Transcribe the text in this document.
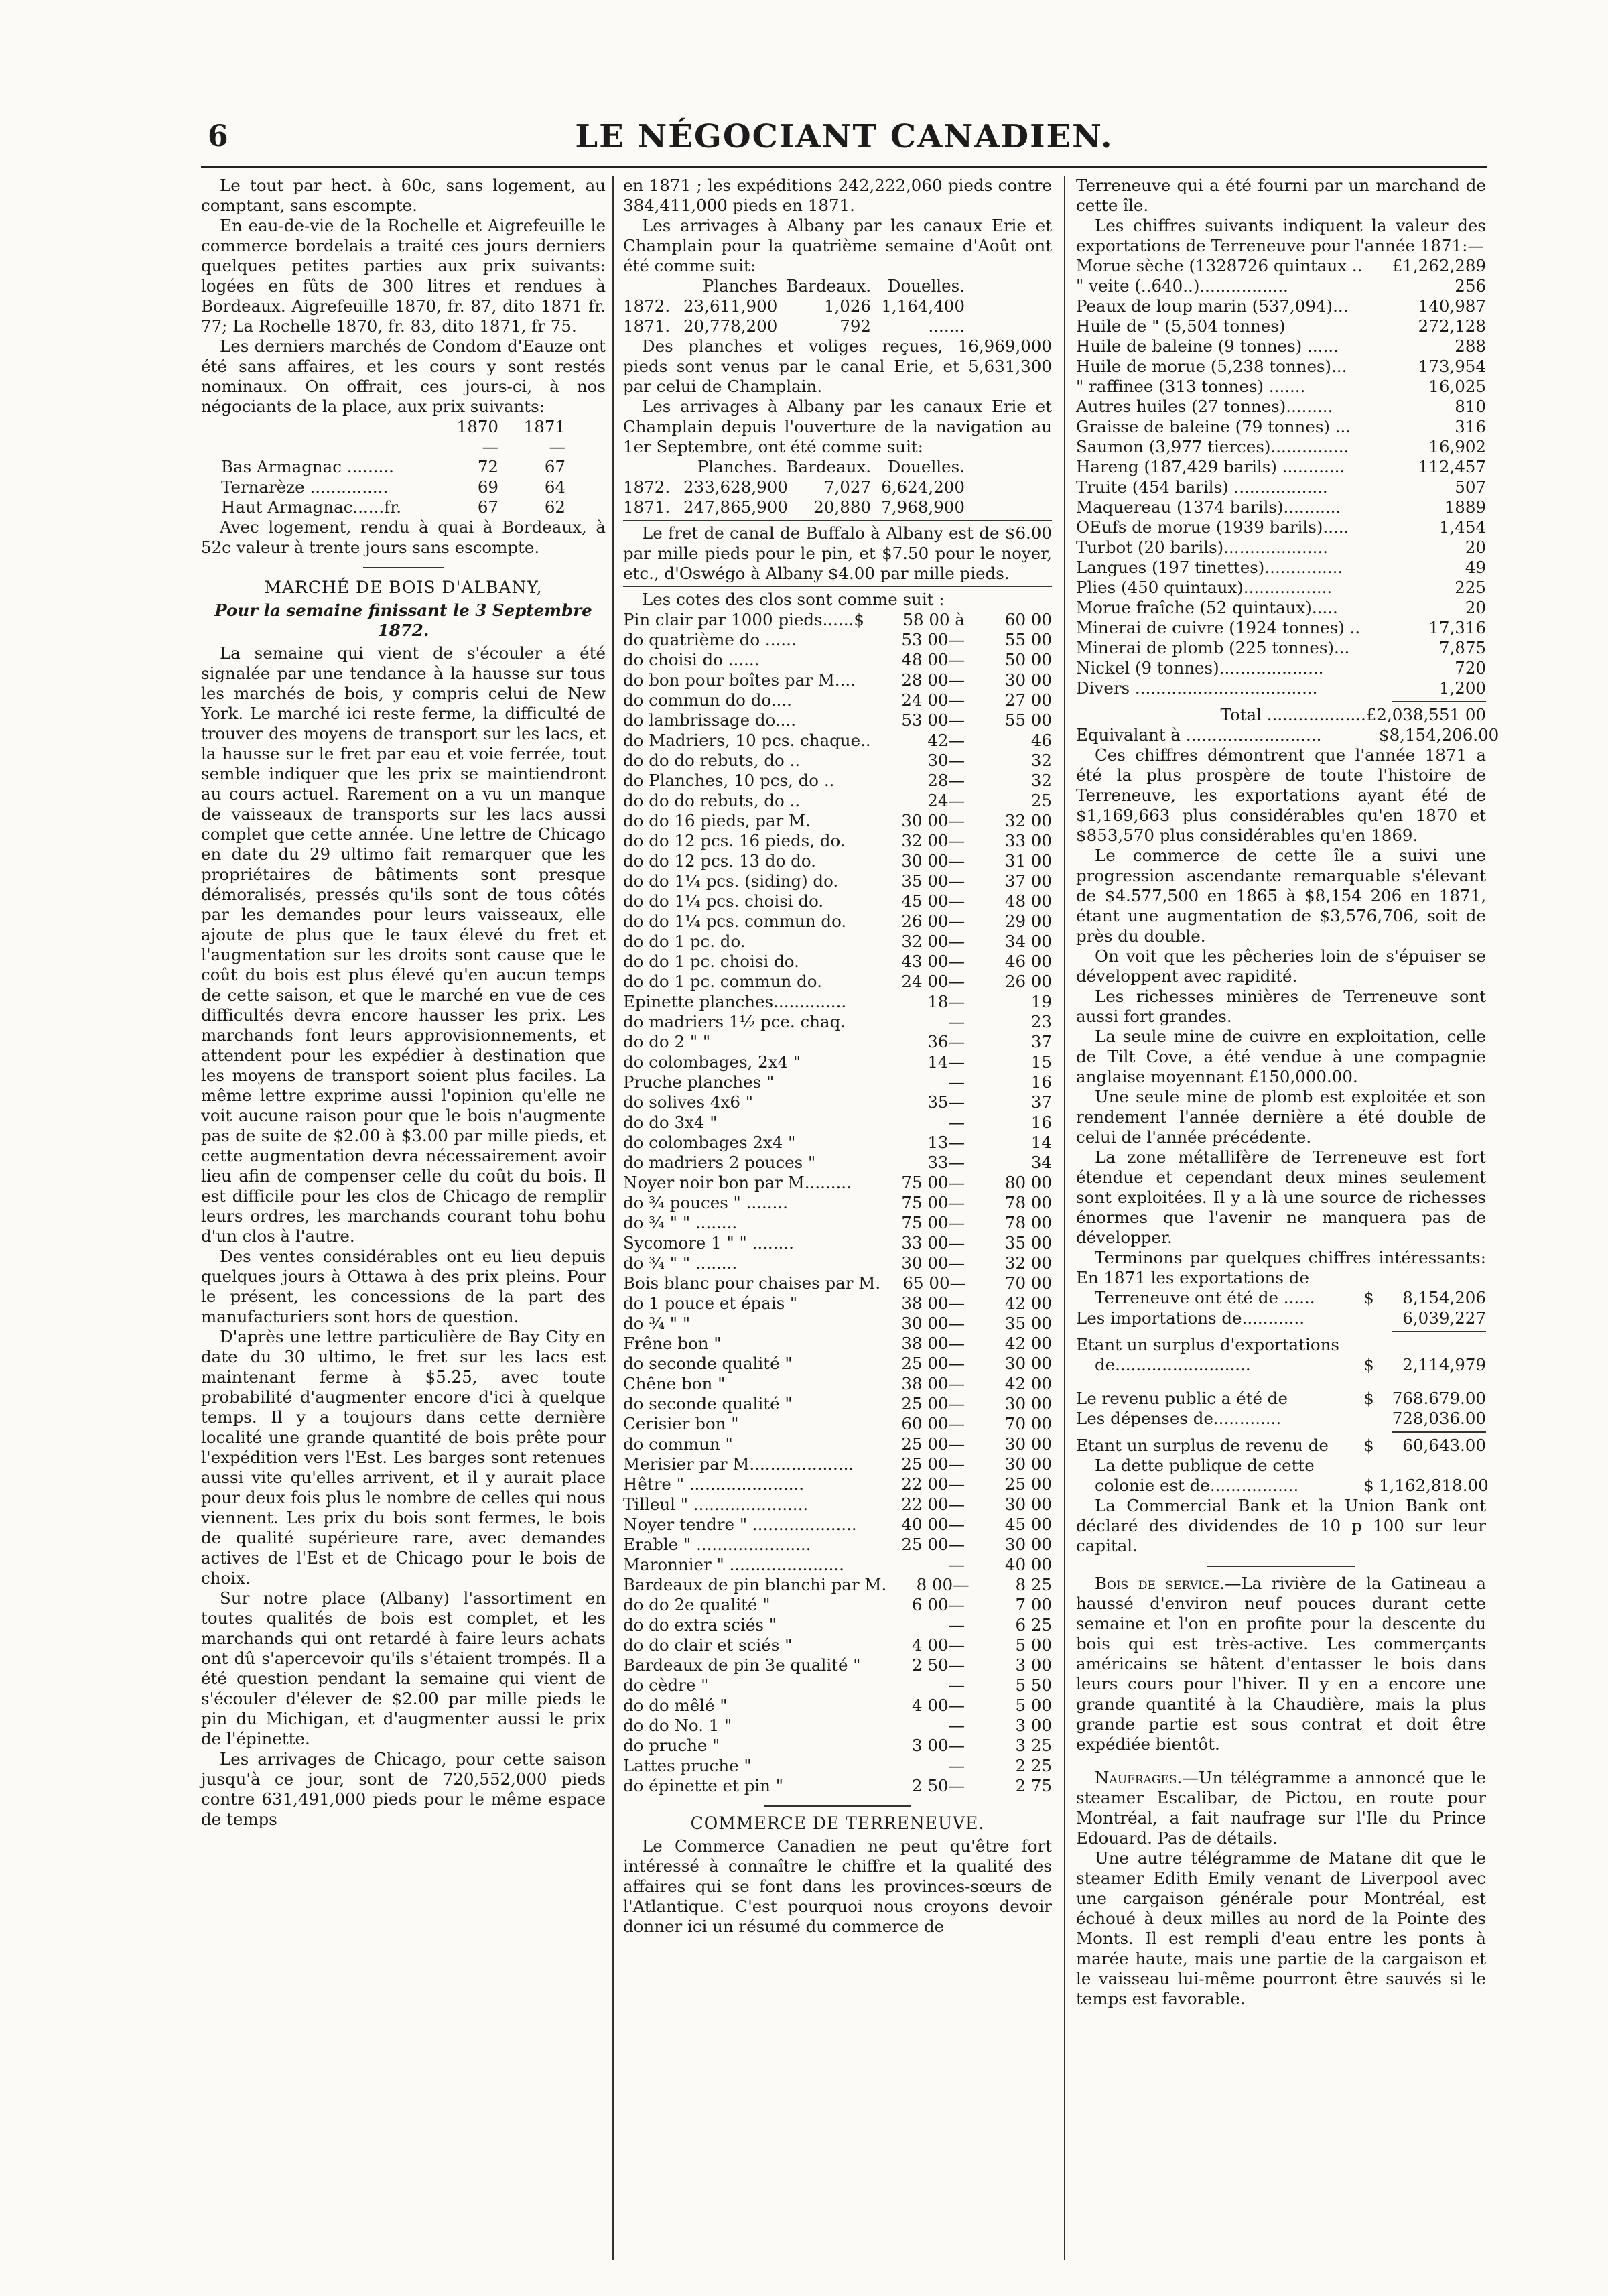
6	LE NÉGOCIANT CANADIEN.

Le tout par hect. à 60c, sans logement, au comptant, sans escompte.

En eau-de-vie de la Rochelle et Aigrefeuille le commerce bordelais a traité ces jours derniers quelques petites parties aux prix suivants: logées en fûts de 300 litres et rendues à Bordeaux. Aigrefeuille 1870, fr. 87, dito 1871 fr. 77; La Rochelle 1870, fr. 83, dito 1871, fr 75.

Les derniers marchés de Condom d'Eauze ont été sans affaires, et les cours y sont restés nominaux. On offrait, ces jours-ci, à nos négociants de la place, aux prix suivants:

1870	1871
—	—
Bas Armagnac .........	72	67
Ternarèze ...............	69	64
Haut Armagnac......fr.	67	62

Avec logement, rendu à quai à Bordeaux, à 52c valeur à trente jours sans escompte.

MARCHÉ DE BOIS D'ALBANY,
Pour la semaine finissant le 3 Septembre 1872.

La semaine qui vient de s'écouler a été signalée par une tendance à la hausse sur tous les marchés de bois, y compris celui de New York. Le marché ici reste ferme, la difficulté de trouver des moyens de transport sur les lacs, et la hausse sur le fret par eau et voie ferrée, tout semble indiquer que les prix se maintiendront au cours actuel. Rarement on a vu un manque de vaisseaux de transports sur les lacs aussi complet que cette année. Une lettre de Chicago en date du 29 ultimo fait remarquer que les propriétaires de bâtiments sont presque démoralisés, pressés qu'ils sont de tous côtés par les demandes pour leurs vaisseaux, elle ajoute de plus que le taux élevé du fret et l'augmentation sur les droits sont cause que le coût du bois est plus élevé qu'en aucun temps de cette saison, et que le marché en vue de ces difficultés devra encore hausser les prix. Les marchands font leurs approvisionnements, et attendent pour les expédier à destination que les moyens de transport soient plus faciles. La même lettre exprime aussi l'opinion qu'elle ne voit aucune raison pour que le bois n'augmente pas de suite de $2.00 à $3.00 par mille pieds, et cette augmentation devra nécessairement avoir lieu afin de compenser celle du coût du bois. Il est difficile pour les clos de Chicago de remplir leurs ordres, les marchands courant tohu bohu d'un clos à l'autre.

Des ventes considérables ont eu lieu depuis quelques jours à Ottawa à des prix pleins. Pour le présent, les concessions de la part des manufacturiers sont hors de question.

D'après une lettre particulière de Bay City en date du 30 ultimo, le fret sur les lacs est maintenant ferme à $5.25, avec toute probabilité d'augmenter encore d'ici à quelque temps. Il y a toujours dans cette dernière localité une grande quantité de bois prête pour l'expédition vers l'Est. Les barges sont retenues aussi vite qu'elles arrivent, et il y aurait place pour deux fois plus le nombre de celles qui nous viennent. Les prix du bois sont fermes, le bois de qualité supérieure rare, avec demandes actives de l'Est et de Chicago pour le bois de choix.

Sur notre place (Albany) l'assortiment en toutes qualités de bois est complet, et les marchands qui ont retardé à faire leurs achats ont dû s'apercevoir qu'ils s'étaient trompés. Il a été question pendant la semaine qui vient de s'écouler d'élever de $2.00 par mille pieds le pin du Michigan, et d'augmenter aussi le prix de l'épinette.

Les arrivages de Chicago, pour cette saison jusqu'à ce jour, sont de 720,552,000 pieds contre 631,491,000 pieds pour le même espace de temps

en 1871 ; les expéditions 242,222,060 pieds contre 384,411,000 pieds en 1871.

Les arrivages à Albany par les canaux Erie et Champlain pour la quatrième semaine d'Août ont été comme suit:

Planches Bardeaux.	Douelles.
1872. 23,611,900	1,026 1,164,400
1871. 20,778,200	792	.......

Des planches et voliges reçues, 16,969,000 pieds sont venus par le canal Erie, et 5,631,300 par celui de Champlain.

Les arrivages à Albany par les canaux Erie et Champlain depuis l'ouverture de la navigation au 1er Septembre, ont été comme suit:

Planches. Bardeaux.	Douelles.
1872. 233,628,900	7,027 6,624,200
1871. 247,865,900	20,880 7,968,900

Le fret de canal de Buffalo à Albany est de $6.00 par mille pieds pour le pin, et $7.50 pour le noyer, etc., d'Oswégo à Albany $4.00 par mille pieds.

Les cotes des clos sont comme suit :

Pin clair par 1000 pieds......$	58 00 à	60 00
do quatrième do ......	53 00—	55 00
do choisi do ......	48 00—	50 00
do bon pour boîtes par M....	28 00—	30 00
do commun do do....	24 00—	27 00
do lambrissage do....	53 00—	55 00
do Madriers, 10 pcs. chaque..	42—	46
do do do rebuts, do ..	30—	32
do Planches, 10 pcs, do ..	28—	32
do do do rebuts, do ..	24—	25
do do 16 pieds, par M.	30 00—	32 00
do do 12 pcs. 16 pieds, do.	32 00—	33 00
do do 12 pcs. 13 do do.	30 00—	31 00
do do 1¼ pcs. (siding) do.	35 00—	37 00
do do 1¼ pcs. choisi do.	45 00—	48 00
do do 1¼ pcs. commun do.	26 00—	29 00
do do 1 pc. do.	32 00—	34 00
do do 1 pc. choisi do.	43 00—	46 00
do do 1 pc. commun do.	24 00—	26 00
Epinette planches..............	18—	19
do madriers 1½ pce. chaq.	—	23
do do 2 " "	36—	37
do colombages, 2x4 "	14—	15
Pruche planches "	—	16
do solives 4x6 "	35—	37
do do 3x4 "	—	16
do colombages 2x4 "	13—	14
do madriers 2 pouces "	33—	34
Noyer noir bon par M.........	75 00—	80 00
do ¾ pouces " ........	75 00—	78 00
do ¾ " " ........	75 00—	78 00
Sycomore 1 " " ........	33 00—	35 00
do ¾ " " ........	30 00—	32 00
Bois blanc pour chaises par M.	65 00—	70 00
do 1 pouce et épais "	38 00—	42 00
do ¾ " "	30 00—	35 00
Frêne bon "	38 00—	42 00
do seconde qualité "	25 00—	30 00
Chêne bon "	38 00—	42 00
do seconde qualité "	25 00—	30 00
Cerisier bon "	60 00—	70 00
do commun "	25 00—	30 00
Merisier par M....................	25 00—	30 00
Hêtre " ......................	22 00—	25 00
Tilleul " ......................	22 00—	30 00
Noyer tendre " ....................	40 00—	45 00
Erable " ......................	25 00—	30 00
Maronnier " ......................	—	40 00
Bardeaux de pin blanchi par M.	8 00—	8 25
do do 2e qualité "	6 00—	7 00
do do extra sciés "	—	6 25
do do clair et sciés "	4 00—	5 00
Bardeaux de pin 3e qualité "	2 50—	3 00
do cèdre "	—	5 50
do do mêlé "	4 00—	5 00
do do No. 1 "	—	3 00
do pruche "	3 00—	3 25
Lattes pruche "	—	2 25
do épinette et pin "	2 50—	2 75
COMMERCE DE TERRENEUVE.

Le Commerce Canadien ne peut qu'être fort intéressé à connaître le chiffre et la qualité des affaires qui se font dans les provinces-sœurs de l'Atlantique. C'est pourquoi nous croyons devoir donner ici un résumé du commerce de

Terreneuve qui a été fourni par un marchand de cette île.

Les chiffres suivants indiquent la valeur des exportations de Terreneuve pour l'année 1871:—

Morue sèche (1328726 quintaux ..	£1,262,289
" veite (..640..).................	256
Peaux de loup marin (537,094)...	140,987
Huile de " (5,504 tonnes)	272,128
Huile de baleine (9 tonnes) ......	288
Huile de morue (5,238 tonnes)...	173,954
" raffinee (313 tonnes) .......	16,025
Autres huiles (27 tonnes).........	810
Graisse de baleine (79 tonnes) ...	316
Saumon (3,977 tierces)...............	16,902
Hareng (187,429 barils) ............	112,457
Truite (454 barils) ..................	507
Maquereau (1374 barils)...........	1889
OEufs de morue (1939 barils).....	1,454
Turbot (20 barils)....................	20
Langues (197 tinettes)...............	49
Plies (450 quintaux).................	225
Morue fraîche (52 quintaux).....	20
Minerai de cuivre (1924 tonnes) ..	17,316
Minerai de plomb (225 tonnes)...	7,875
Nickel (9 tonnes)....................	720
Divers ...................................	1,200
Total ...................£2,038,551 00
Equivalant à ..........................	$8,154,206.00

Ces chiffres démontrent que l'année 1871 a été la plus prospère de toute l'histoire de Terreneuve, les exportations ayant été de $1,169,663 plus considérables qu'en 1870 et $853,570 plus considérables qu'en 1869.

Le commerce de cette île a suivi une progression ascendante remarquable s'élevant de $4.577,500 en 1865 à $8,154 206 en 1871, étant une augmentation de $3,576,706, soit de près du double.

On voit que les pêcheries loin de s'épuiser se développent avec rapidité.

Les richesses minières de Terreneuve sont aussi fort grandes.

La seule mine de cuivre en exploitation, celle de Tilt Cove, a été vendue à une compagnie anglaise moyennant £150,000.00.

Une seule mine de plomb est exploitée et son rendement l'année dernière a été double de celui de l'année précédente.

La zone métallifère de Terreneuve est fort étendue et cependant deux mines seulement sont exploitées. Il y a là une source de richesses énormes que l'avenir ne manquera pas de développer.

Terminons par quelques chiffres intéressants: En 1871 les exportations de

Terreneuve ont été de ......	$	8,154,206
Les importations de............	6,039,227
Etant un surplus d'exportations
de..........................	$	2,114,979
Le revenu public a été de	$	768.679.00
Les dépenses de.............	728,036.00
Etant un surplus de revenu de	$	60,643.00
La dette publique de cette
colonie est de.................	$ 1,162,818.00

La Commercial Bank et la Union Bank ont déclaré des dividendes de 10 p 100 sur leur capital.

Bois de service.—La rivière de la Gatineau a haussé d'environ neuf pouces durant cette semaine et l'on en profite pour la descente du bois qui est très-active. Les commerçants américains se hâtent d'entasser le bois dans leurs cours pour l'hiver. Il y en a encore une grande quantité à la Chaudière, mais la plus grande partie est sous contrat et doit être expédiée bientôt.

Naufrages.—Un télégramme a annoncé que le steamer Escalibar, de Pictou, en route pour Montréal, a fait naufrage sur l'Ile du Prince Edouard. Pas de détails.

Une autre télégramme de Matane dit que le steamer Edith Emily venant de Liverpool avec une cargaison générale pour Montréal, est échoué à deux milles au nord de la Pointe des Monts. Il est rempli d'eau entre les ponts à marée haute, mais une partie de la cargaison et le vaisseau lui-même pourront être sauvés si le temps est favorable.
